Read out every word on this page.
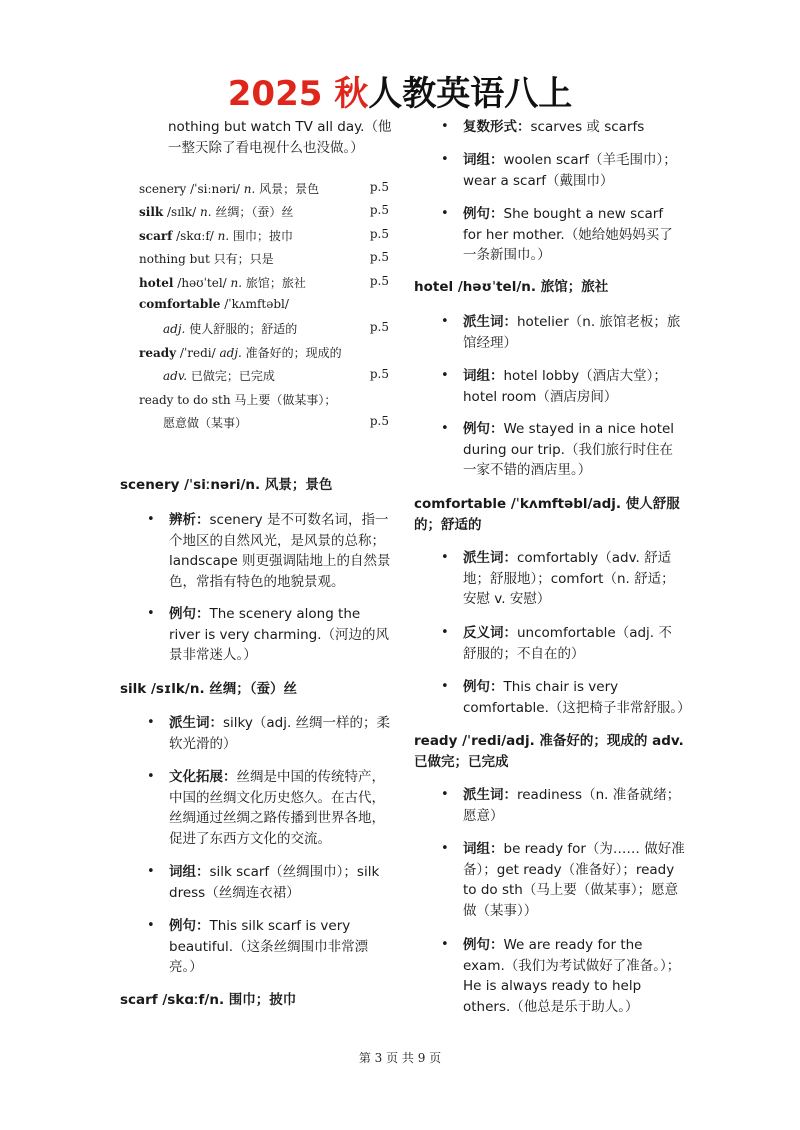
2025 秋人教英语八上
nothing but watch TV all day.（他一整天除了看电视什么也没做。）
scenery /ˈsiːnəri/ n. 风景；景色	p.5
silk /sɪlk/ n. 丝绸；（蚕）丝	p.5
scarf /skɑːf/ n. 围巾；披巾	p.5
nothing but 只有；只是	p.5
hotel /həʊˈtel/ n. 旅馆；旅社	p.5
comfortable /ˈkʌmftəbl/
adj. 使人舒服的；舒适的	p.5
ready /ˈredi/ adj. 准备好的；现成的
adv. 已做完；已完成	p.5
ready to do sth 马上要（做某事）；
愿意做（某事）	p.5
scenery /ˈsiːnəri/n. 风景；景色
• 辨析：scenery 是不可数名词，指一个地区的自然风光，是风景的总称；landscape 则更强调陆地上的自然景色，常指有特色的地貌景观。
• 例句：The scenery along the river is very charming.（河边的风景非常迷人。）
silk /sɪlk/n. 丝绸；（蚕）丝
• 派生词：silky（adj. 丝绸一样的；柔软光滑的）
• 文化拓展：丝绸是中国的传统特产，中国的丝绸文化历史悠久。在古代，丝绸通过丝绸之路传播到世界各地，促进了东西方文化的交流。
• 词组：silk scarf（丝绸围巾）；silk dress（丝绸连衣裙）
• 例句：This silk scarf is very beautiful.（这条丝绸围巾非常漂亮。）
scarf /skɑːf/n. 围巾；披巾
• 复数形式：scarves 或 scarfs
• 词组：woolen scarf（羊毛围巾）；wear a scarf（戴围巾）
• 例句：She bought a new scarf for her mother.（她给她妈妈买了一条新围巾。）
hotel /həʊˈtel/n. 旅馆；旅社
• 派生词：hotelier（n. 旅馆老板；旅馆经理）
• 词组：hotel lobby（酒店大堂）；hotel room（酒店房间）
• 例句：We stayed in a nice hotel during our trip.（我们旅行时住在一家不错的酒店里。）
comfortable /ˈkʌmftəbl/adj. 使人舒服的；舒适的
• 派生词：comfortably（adv. 舒适地；舒服地）；comfort（n. 舒适；安慰 v. 安慰）
• 反义词：uncomfortable（adj. 不舒服的；不自在的）
• 例句：This chair is very comfortable.（这把椅子非常舒服。）
ready /ˈredi/adj. 准备好的；现成的 adv. 已做完；已完成
• 派生词：readiness（n. 准备就绪；愿意）
• 词组：be ready for（为…… 做好准备）；get ready（准备好）；ready to do sth（马上要（做某事）；愿意做（某事））
• 例句：We are ready for the exam.（我们为考试做好了准备。）；He is always ready to help others.（他总是乐于助人。）
第 3 页 共 9 页
